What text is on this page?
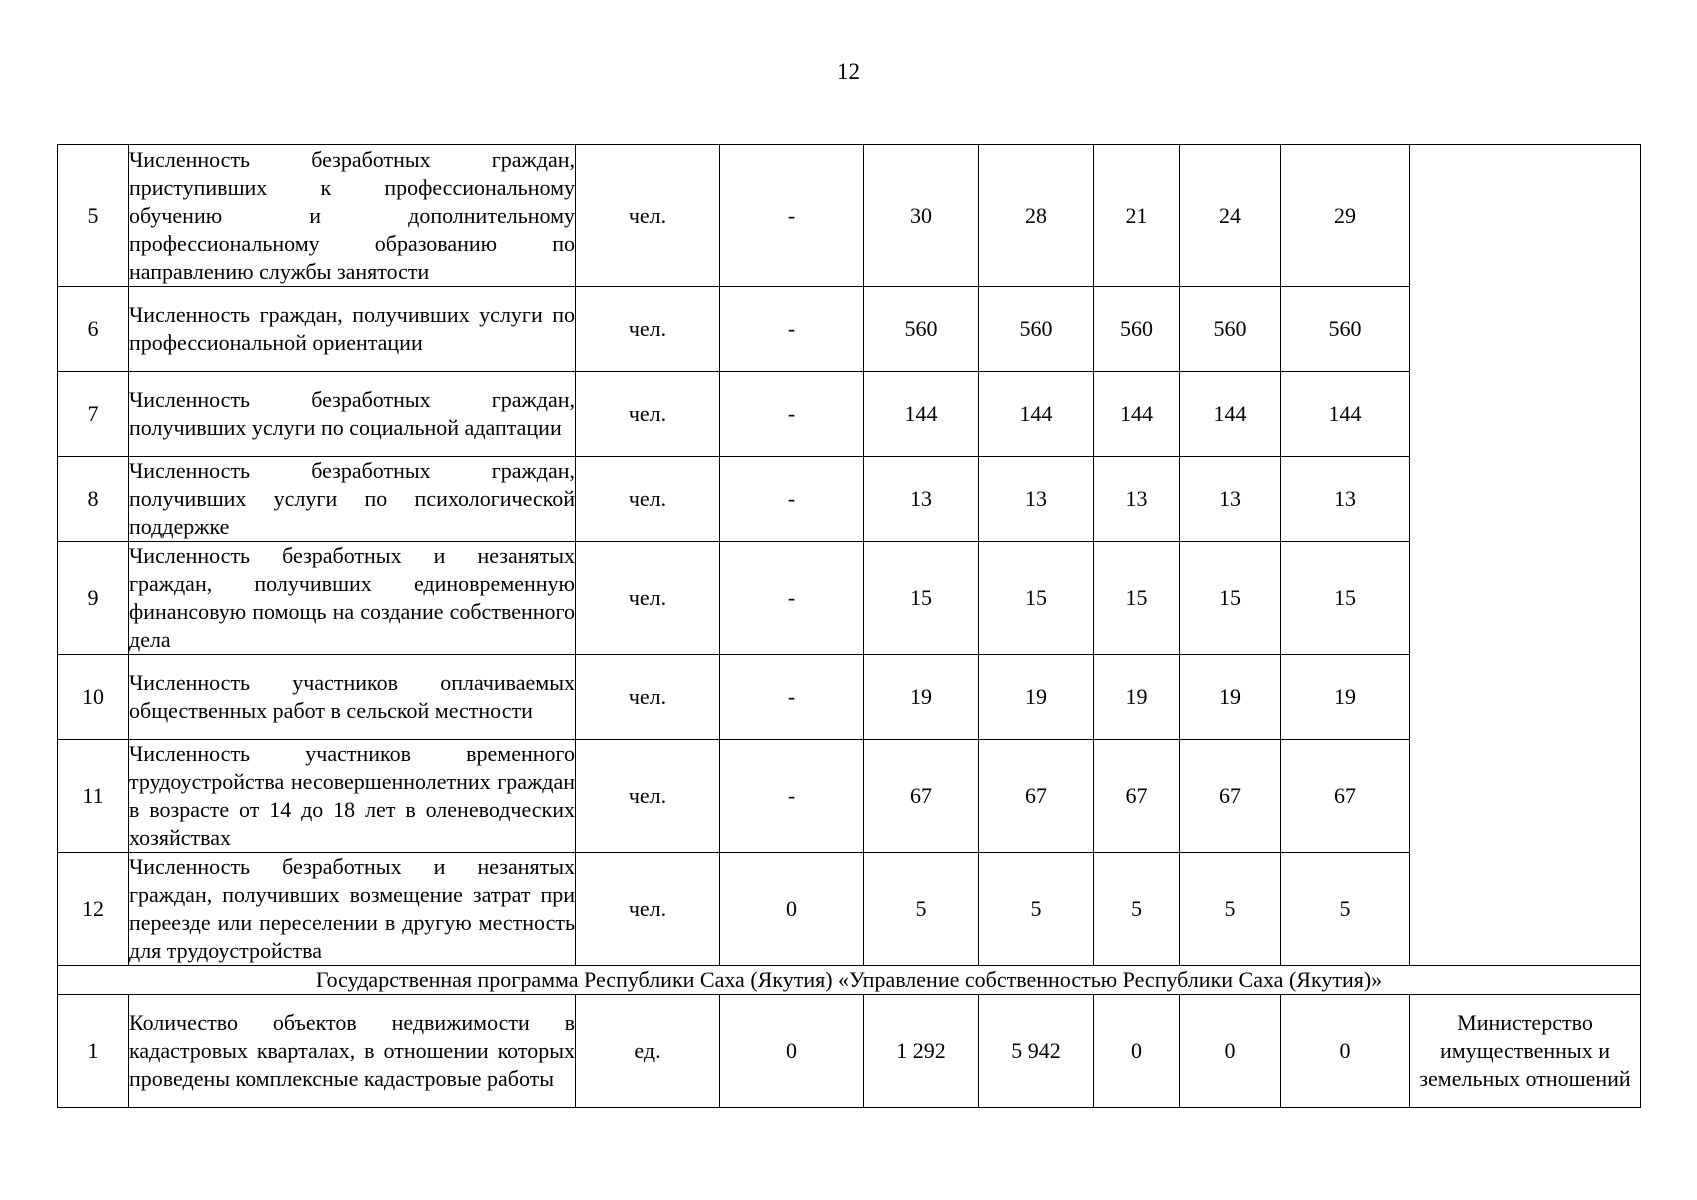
12
5	Численность безработных граждан, приступивших к профессиональному обучению и дополнительному профессиональному образованию по направлению службы занятости	чел.	-	30	28	21	24	29	
6	Численность граждан, получивших услуги по профессиональной ориентации	чел.	-	560	560	560	560	560	
7	Численность безработных граждан, получивших услуги по социальной адаптации	чел.	-	144	144	144	144	144	
8	Численность безработных граждан, получивших услуги по психологической поддержке	чел.	-	13	13	13	13	13	
9	Численность безработных и незанятых граждан, получивших единовременную финансовую помощь на создание собственного дела	чел.	-	15	15	15	15	15	
10	Численность участников оплачиваемых общественных работ в сельской местности	чел.	-	19	19	19	19	19	
11	Численность участников временного трудоустройства несовершеннолетних граждан в возрасте от 14 до 18 лет в оленеводческих хозяйствах	чел.	-	67	67	67	67	67	
12	Численность безработных и незанятых граждан, получивших возмещение затрат при переезде или переселении в другую местность для трудоустройства	чел.	0	5	5	5	5	5	
Государственная программа Республики Саха (Якутия) «Управление собственностью Республики Саха (Якутия)»									
1	Количество объектов недвижимости в кадастровых кварталах, в отношении которых проведены комплексные кадастровые работы	ед.	0	1 292	5 942	0	0	0	Министерство имущественных и земельных отношений
